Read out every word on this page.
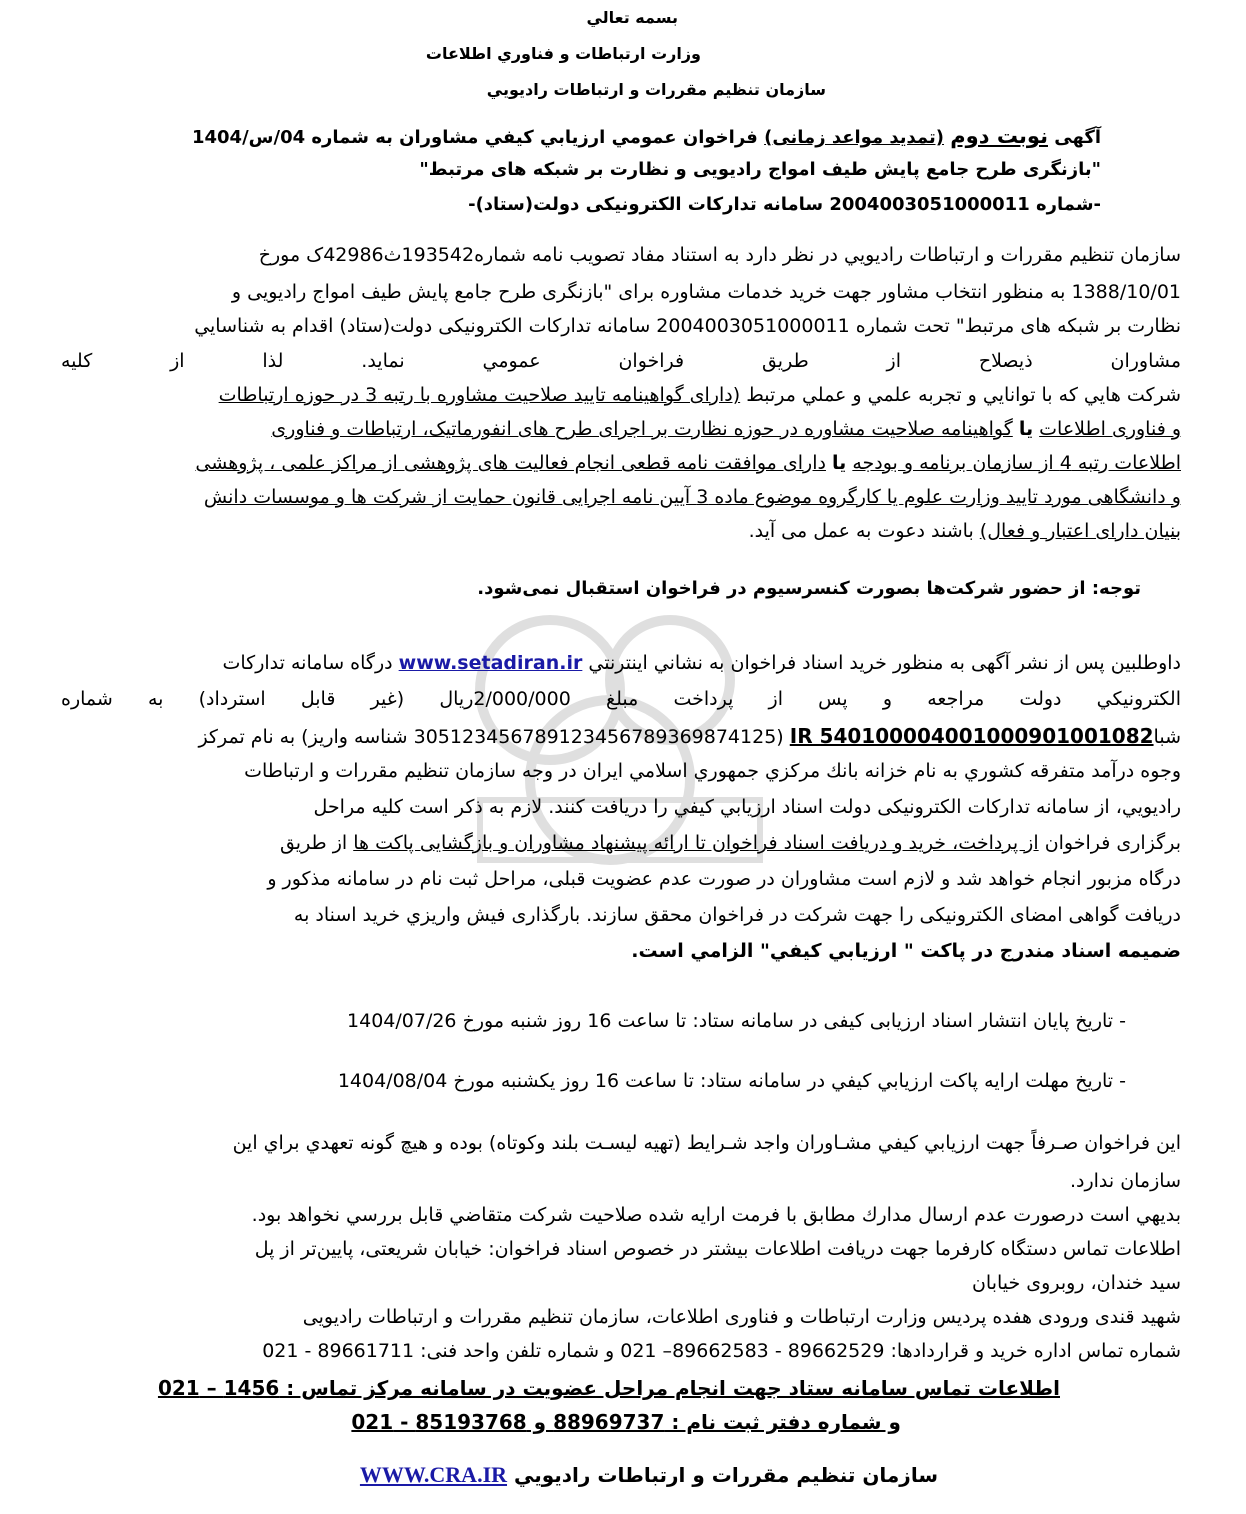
بسمه تعالي
وزارت ارتباطات و فناوري اطلاعات
سازمان تنظيم مقررات و ارتباطات راديويي
آگهی نوبت دوم (تمدید مواعد زمانی) فراخوان عمومي ارزيابي كيفي مشاوران به شماره 04/س/1404
"بازنگری طرح جامع پایش طیف امواج رادیویی و نظارت بر شبکه های مرتبط"
-شماره 2004003051000011 سامانه تدارکات الکترونیکی دولت(ستاد)-
سازمان تنظيم مقررات و ارتباطات راديويي در نظر دارد به استناد مفاد تصويب نامه شماره193542ث42986ک مورخ
1388/10/01 به منظور انتخاب مشاور جهت خرید خدمات مشاوره برای "بازنگری طرح جامع پایش طیف امواج رادیویی و
نظارت بر شبکه های مرتبط" تحت شماره 2004003051000011 سامانه تدارکات الکترونیکی دولت(ستاد) اقدام به شناسايي
مشاوران ذيصلاح از طريق فراخوان عمومي نمايد. لذا از كليه
شركت هايي كه با توانايي و تجربه علمي و عملي مرتبط (دارای گواهینامه تایید صلاحیت مشاوره با رتبه 3 در حوزه ارتباطات
و فناوری اطلاعات یا گواهینامه صلاحیت مشاوره در حوزه نظارت بر اجرای طرح های انفورماتیک، ارتباطات و فناوری
اطلاعات رتبه 4 از سازمان برنامه و بودجه یا دارای موافقت نامه قطعی انجام فعالیت های پژوهشی از مراکز علمی ، پژوهشی
و دانشگاهی مورد تایید وزارت علوم یا کارگروه موضوع ماده 3 آیین نامه اجرایی قانون حمایت از شرکت ها و موسسات دانش
بنیان دارای اعتبار و فعال) باشند دعوت به عمل می آيد.
توجه: از حضور شرکت‌ها بصورت کنسرسیوم در فراخوان استقبال نمی‌شود.
داوطلبين پس از نشر آگهی به منظور خريد اسناد فراخوان به نشاني اينترنتي www.setadiran.ir درگاه سامانه تداركات
الکترونيكي دولت مراجعه و پس از پرداخت مبلغ 2/000/000ريال (غير قابل استرداد) به شماره
شباIR 540100004001000901001082 (305123456789123456789369874125 شناسه واريز) به نام تمرکز
وجوه درآمد متفرقه كشوري به نام خزانه بانك مركزي جمهوري اسلامي ايران در وجه سازمان تنظيم مقررات و ارتباطات
راديويي، از سامانه تدارکات الکترونیکی دولت اسناد ارزيابي كيفي را دريافت كنند. لازم به ذکر است کلیه مراحل
برگزاری فراخوان از پرداخت، خرید و دریافت اسناد فراخوان تا ارائه پیشنهاد مشاوران و بازگشایی پاکت ها از طریق
درگاه مزبور انجام خواهد شد و لازم است مشاوران در صورت عدم عضویت قبلی، مراحل ثبت نام در سامانه مذکور و
دریافت گواهی امضای الکترونیکی را جهت شرکت در فراخوان محقق سازند. بارگذاری فيش واريزي خريد اسناد به
ضميمه اسناد مندرج در پاكت " ارزيابي كيفي" الزامي است.
- تاریخ پایان انتشار اسناد ارزیابی کیفی در سامانه ستاد: تا ساعت 16 روز شنبه مورخ 1404/07/26
- تاريخ مهلت ارايه پاكت ارزيابي كيفي در سامانه ستاد: تا ساعت 16 روز یکشنبه مورخ 1404/08/04
اين فراخوان صـرفاً جهت ارزيابي كيفي مشـاوران واجد شـرايط (تهيه ليسـت بلند وكوتاه) بوده و هيچ گونه تعهدي براي اين
سازمان ندارد.
بديهي است درصورت عدم ارسال مدارك مطابق با فرمت ارايه شده صلاحيت شركت متقاضي قابل بررسي نخواهد بود.
اطلاعات تماس دستگاه کارفرما جهت دریافت اطلاعات بیشتر در خصوص اسناد فراخوان: خیابان شریعتی، پایین‌تر از پل
سید خندان، روبروی خیابان
شهید قندی ورودی هفده پردیس وزارت ارتباطات و فناوری اطلاعات، سازمان تنظیم مقررات و ارتباطات رادیویی
شماره تماس اداره خرید و قراردادها: 89662529 - 89662583– 021 و شماره تلفن واحد فنی: 89661711 - 021
اطلاعات تماس سامانه ستاد جهت انجام مراحل عضویت در سامانه مرکز تماس : 1456 – 021
و شماره دفتر ثبت نام : 88969737 و 85193768 - 021
سازمان تنظيم مقررات و ارتباطات راديويي WWW.CRA.IR
